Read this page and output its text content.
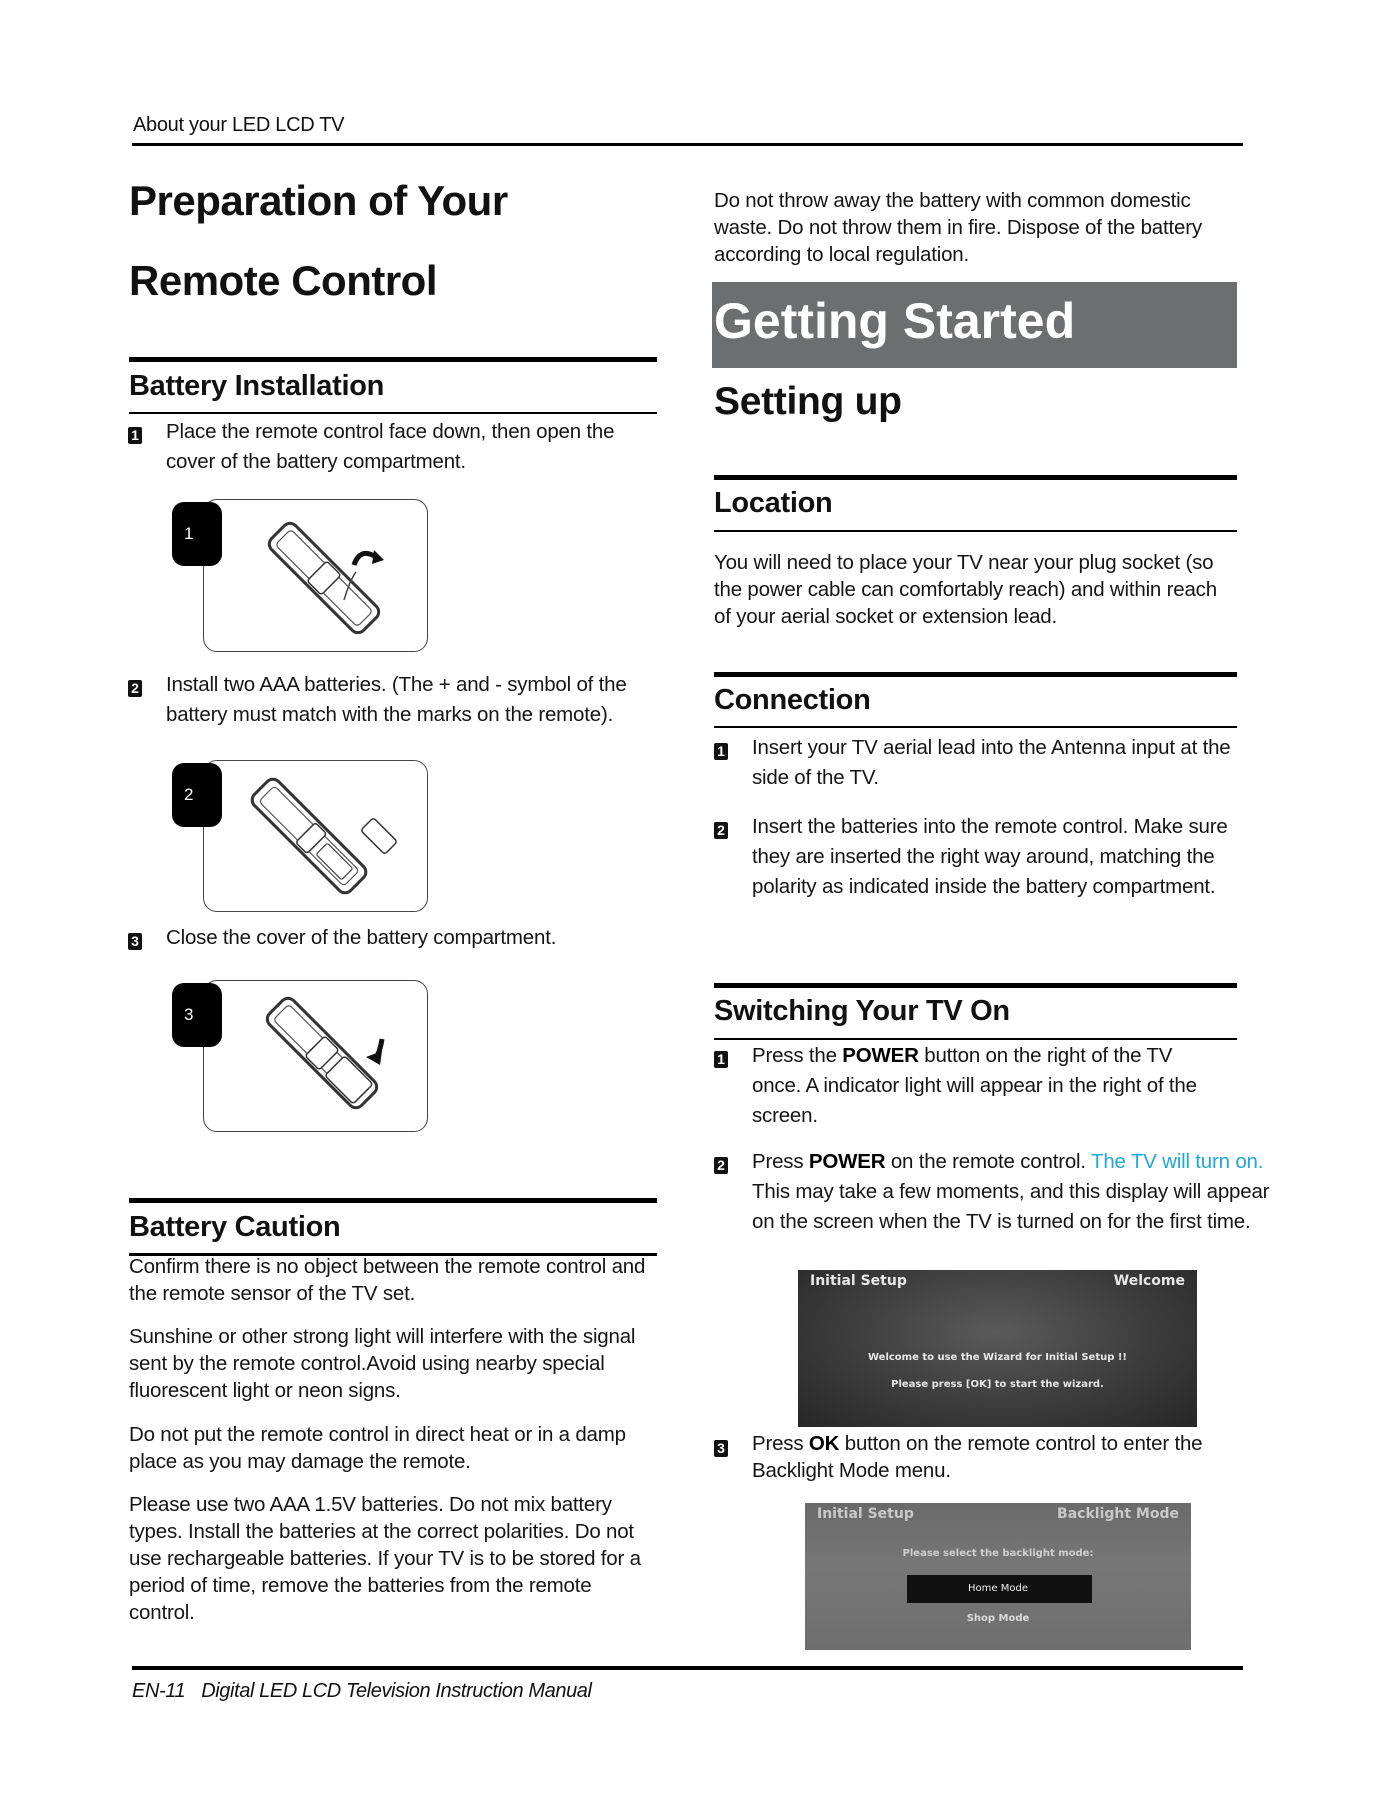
About your LED LCD TV
Preparation of Your
Remote Control
Battery Installation
1 Place the remote control face down, then open the cover of the battery compartment.
1
2 Install two AAA batteries. (The + and - symbol of the battery must match with the marks on the remote).
2
3 Close the cover of the battery compartment.
3
Battery Caution
Confirm there is no object between the remote control and the remote sensor of the TV set.
Sunshine or other strong light will interfere with the signal sent by the remote control.Avoid using nearby special fluorescent light or neon signs.
Do not put the remote control in direct heat or in a damp place as you may damage the remote.
Please use two AAA 1.5V batteries. Do not mix battery types. Install the batteries at the correct polarities. Do not use rechargeable batteries. If your TV is to be stored for a period of time, remove the batteries from the remote control.
Do not throw away the battery with common domestic waste. Do not throw them in fire. Dispose of the battery according to local regulation.
Getting Started
Setting up
Location
You will need to place your TV near your plug socket (so the power cable can comfortably reach) and within reach of your aerial socket or extension lead.
Connection
1 Insert your TV aerial lead into the Antenna input at the side of the TV.
2 Insert the batteries into the remote control. Make sure they are inserted the right way around, matching the polarity as indicated inside the battery compartment.
Switching Your TV On
1 Press the POWER button on the right of the TV once. A indicator light will appear in the right of the screen.
2 Press POWER on the remote control. The TV will turn on. This may take a few moments, and this display will appear on the screen when the TV is turned on for the first time.
Initial Setup	Welcome
Welcome to use the Wizard for Initial Setup !!
Please press [OK] to start the wizard.
3 Press OK button on the remote control to enter the Backlight Mode menu.
Initial Setup	Backlight Mode
Please select the backlight mode:
Home Mode
Shop Mode
EN-11 Digital LED LCD Television Instruction Manual
